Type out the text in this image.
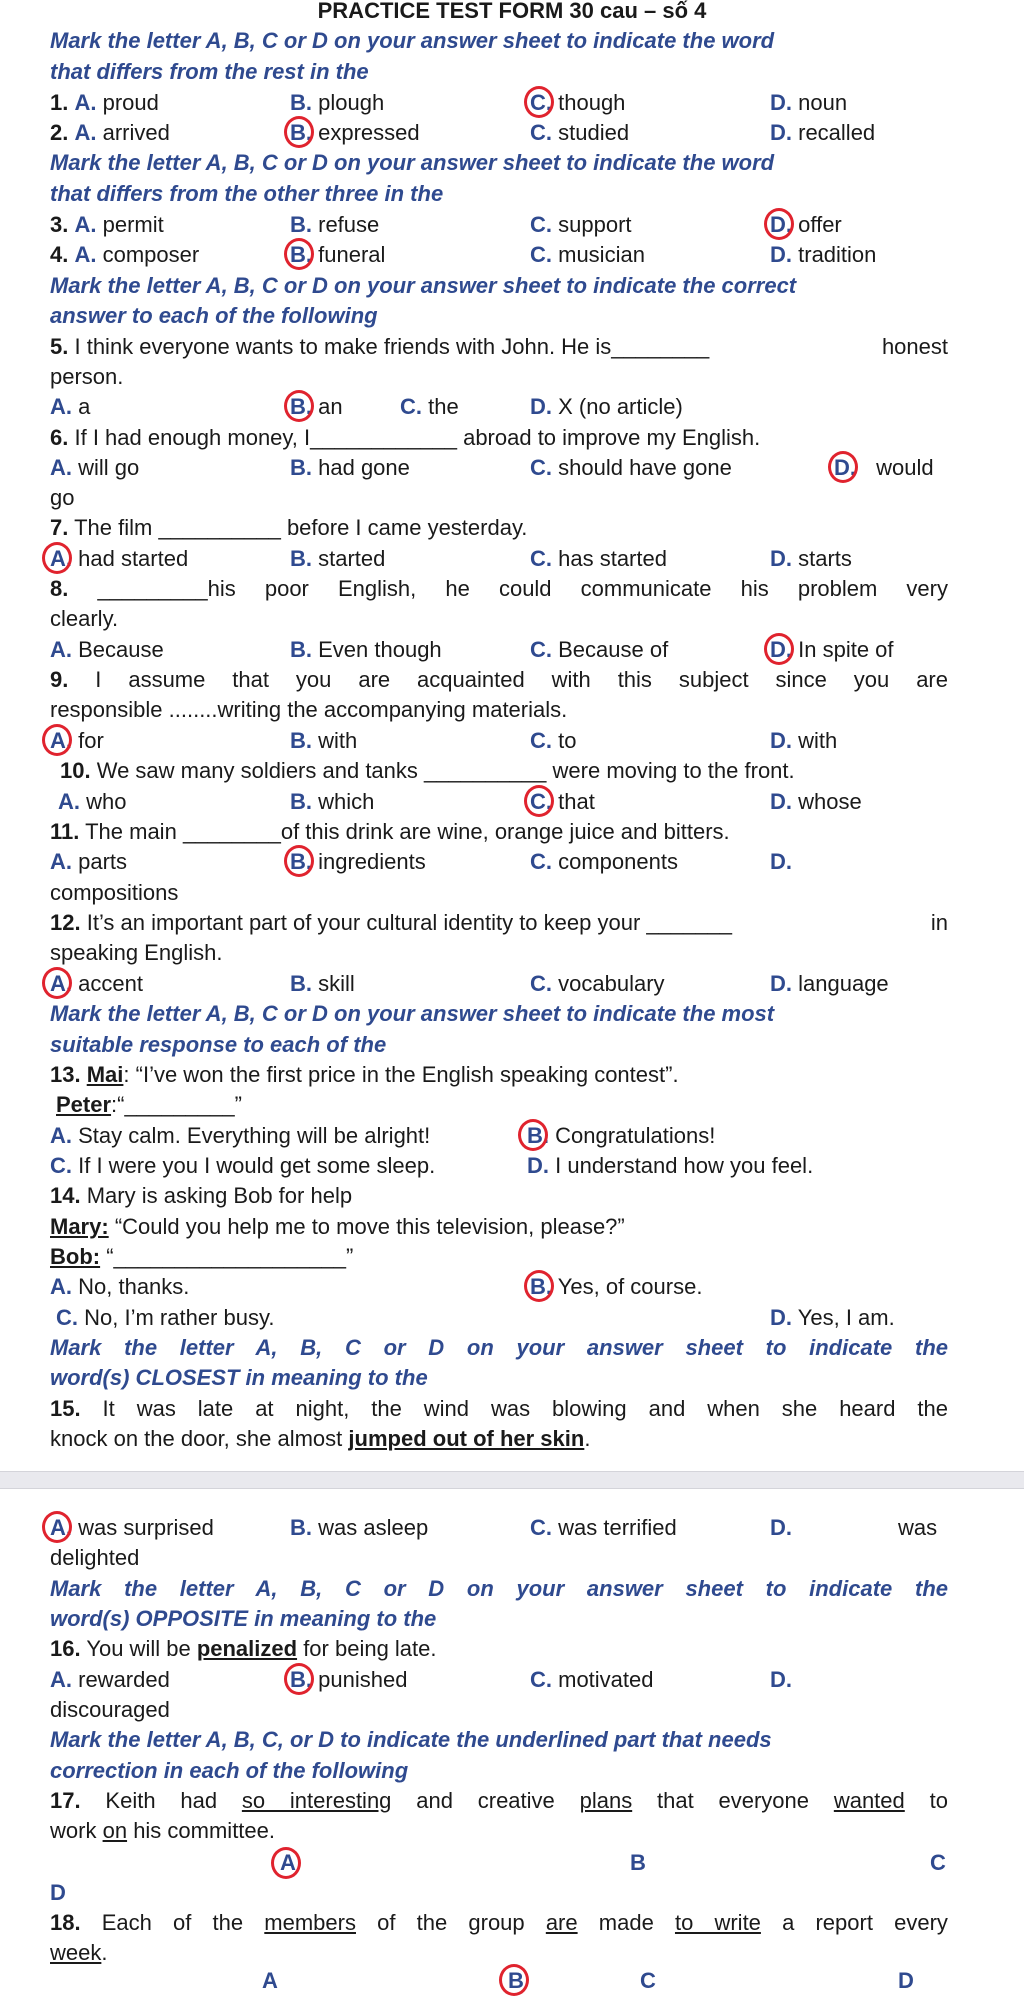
PRACTICE TEST FORM 30 cau – số 4
Mark the letter A, B, C or D on your answer sheet to indicate the word
that differs from the rest in the
1. A. proud	B. plough	C. though	D. noun
2. A. arrived	B. expressed	C. studied	D. recalled
Mark the letter A, B, C or D on your answer sheet to indicate the word
that differs from the other three in the
3. A. permit	B. refuse	C. support	D. offer
4. A. composer	B. funeral	C. musician	D. tradition
Mark the letter A, B, C or D on your answer sheet to indicate the correct
answer to each of the following
5. I think everyone wants to make friends with John. He is________	honest
person.
A. a	B. an	C. the	D. X (no article)
6. If I had enough money, I____________ abroad to improve my English.
A. will go	B. had gone	C. should have gone	D. would
go
7. The film __________ before I came yesterday.
A. had started	B. started	C. has started	D. starts
8. _________his poor English, he could communicate his problem very
clearly.
A. Because	B. Even though	C. Because of	D. In spite of
9. I assume that you are acquainted with this subject since you are
responsible ........writing the accompanying materials.
A. for	B. with	C. to	D. with
10. We saw many soldiers and tanks __________ were moving to the front.
A. who	B. which	C. that	D. whose
11. The main ________of this drink are wine, orange juice and bitters.
A. parts	B. ingredients	C. components	D.
compositions
12. It’s an important part of your cultural identity to keep your _______	in
speaking English.
A. accent	B. skill	C. vocabulary	D. language
Mark the letter A, B, C or D on your answer sheet to indicate the most
suitable response to each of the
13. Mai: “I’ve won the first price in the English speaking contest”.
Peter:“_________”
A. Stay calm. Everything will be alright!	B. Congratulations!
C. If I were you I would get some sleep.	D. I understand how you feel.
14. Mary is asking Bob for help
Mary: “Could you help me to move this television, please?”
Bob: “___________________”
A. No, thanks.	B. Yes, of course.
C. No, I’m rather busy.	D. Yes, I am.
Mark the letter A, B, C or D on your answer sheet to indicate the
word(s) CLOSEST in meaning to the
15. It was late at night, the wind was blowing and when she heard the
knock on the door, she almost jumped out of her skin.
A. was surprised	B. was asleep	C. was terrified	D.	was
delighted
Mark the letter A, B, C or D on your answer sheet to indicate the
word(s) OPPOSITE in meaning to the
16. You will be penalized for being late.
A. rewarded	B. punished	C. motivated	D.
discouraged
Mark the letter A, B, C, or D to indicate the underlined part that needs
correction in each of the following
17. Keith had so interesting and creative plans that everyone wanted to
work on his committee.
A	B	C
D
18. Each of the members of the group are made to write a report every
week.
A	B	C	D
